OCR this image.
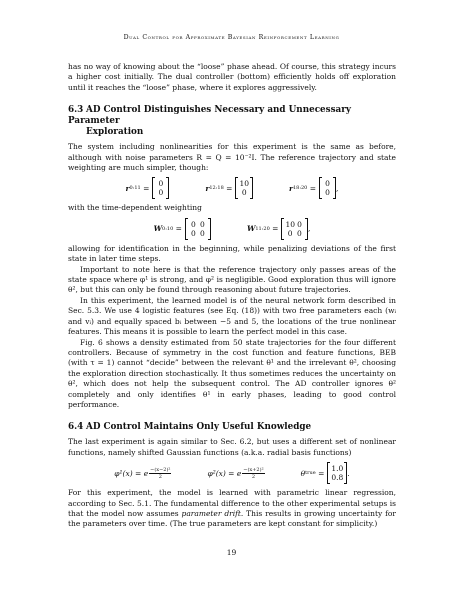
Dual Control for Approximate Bayesian Reinforcement Learning

has no way of knowing about the “loose” phase ahead. Of course, this strategy incurs a higher cost initially. The dual controller (bottom) efficiently holds off exploration until it reaches the “loose” phase, where it explores aggressively.

6.3 AD Control Distinguishes Necessary and Unnecessary Parameter
Exploration

The system including nonlinearities for this experiment is the same as before, although with noise parameters R = Q = 10⁻²I. The reference trajectory and state weighting are much simpler, though:

r 0:11 = 0
0	r 12:18 = 10
0	r 18:20 = 0
0 ,

with the time-dependent weighting

W 0:10 = 0 0
0 0	W 11:20 = 10 0
0 0 ,

allowing for identification in the beginning, while penalizing deviations of the first state in later time steps.

Important to note here is that the reference trajectory only passes areas of the state space where φ¹ is strong, and φ² is negligible. Good exploration thus will ignore θ², but this can only be found through reasoning about future trajectories.

In this experiment, the learned model is of the neural network form described in Sec. 5.3. We use 4 logistic features (see Eq. (18)) with two free parameters each (wᵢ and vᵢ) and equally spaced bᵢ between −5 and 5, the locations of the true nonlinear features. This means it is possible to learn the perfect model in this case.

Fig. 6 shows a density estimated from 50 state trajectories for the four different controllers. Because of symmetry in the cost function and feature functions, BEB (with τ = 1) cannot “decide” between the relevant θ¹ and the irrelevant θ², choosing the exploration direction stochastically. It thus sometimes reduces the uncertainty on θ², which does not help the subsequent control. The AD controller ignores θ² completely and only identifies θ¹ in early phases, leading to good control performance.

6.4 AD Control Maintains Only Useful Knowledge

The last experiment is again similar to Sec. 6.2, but uses a different set of nonlinear functions, namely shifted Gaussian functions (a.k.a. radial basis functions)

φ¹(x) = e $\frac{\text{−(x−2)²}}{2}$	φ²(x) = e $\frac{\text{−(x+2)²}}{2}$	θ true = 1.0
0.8 .

For this experiment, the model is learned with parametric linear regression, according to Sec. 5.1. The fundamental difference to the other experimental setups is that the model now assumes parameter drift. This results in growing uncertainty for the parameters over time. (The true parameters are kept constant for simplicity.)

19
